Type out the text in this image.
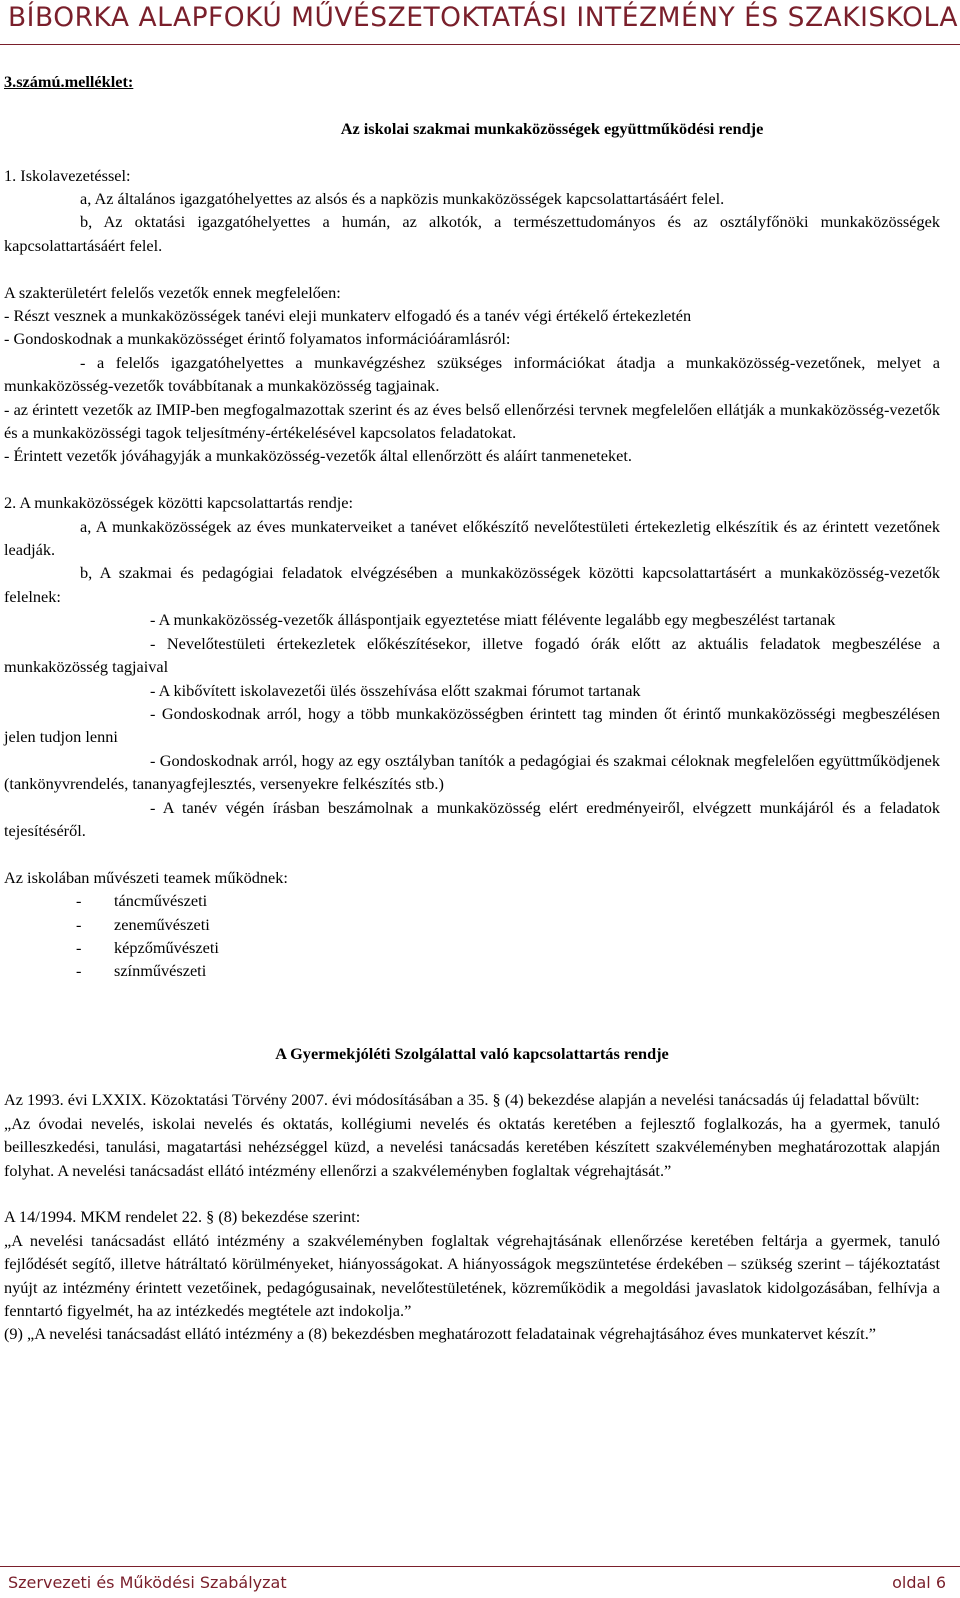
BÍBORKA ALAPFOKÚ MŰVÉSZETOKTATÁSI INTÉZMÉNY ÉS SZAKISKOLA

3.számú.melléklet:

Az iskolai szakmai munkaközösségek együttműködési rendje

1. Iskolavezetéssel:

a, Az általános igazgatóhelyettes az alsós és a napközis munkaközösségek kapcsolattartásáért felel.

b, Az oktatási igazgatóhelyettes a humán, az alkotók, a természettudományos és az osztályfőnöki munkaközösségek kapcsolattartásáért felel.

A szakterületért felelős vezetők ennek megfelelően:

- Részt vesznek a munkaközösségek tanévi eleji munkaterv elfogadó és a tanév végi értékelő értekezletén

- Gondoskodnak a munkaközösséget érintő folyamatos információáramlásról:

- a felelős igazgatóhelyettes a munkavégzéshez szükséges információkat átadja a munkaközösség-vezetőnek, melyet a munkaközösség-vezetők továbbítanak a munkaközösség tagjainak.

- az érintett vezetők az IMIP-ben megfogalmazottak szerint és az éves belső ellenőrzési tervnek megfelelően ellátják a munkaközösség-vezetők és a munkaközösségi tagok teljesítmény-értékelésével kapcsolatos feladatokat.

- Érintett vezetők jóváhagyják a munkaközösség-vezetők által ellenőrzött és aláírt tanmeneteket.

2. A munkaközösségek közötti kapcsolattartás rendje:

a, A munkaközösségek az éves munkaterveiket a tanévet előkészítő nevelőtestületi értekezletig elkészítik és az érintett vezetőnek leadják.

b, A szakmai és pedagógiai feladatok elvégzésében a munkaközösségek közötti kapcsolattartásért a munkaközösség-vezetők felelnek:

- A munkaközösség-vezetők álláspontjaik egyeztetése miatt félévente legalább egy megbeszélést tartanak

- Nevelőtestületi értekezletek előkészítésekor, illetve fogadó órák előtt az aktuális feladatok megbeszélése a munkaközösség tagjaival

- A kibővített iskolavezetői ülés összehívása előtt szakmai fórumot tartanak

- Gondoskodnak arról, hogy a több munkaközösségben érintett tag minden őt érintő munkaközösségi megbeszélésen jelen tudjon lenni

- Gondoskodnak arról, hogy az egy osztályban tanítók a pedagógiai és szakmai céloknak megfelelően együttműködjenek (tankönyvrendelés, tananyagfejlesztés, versenyekre felkészítés stb.)

- A tanév végén írásban beszámolnak a munkaközösség elért eredményeiről, elvégzett munkájáról és a feladatok tejesítéséről.

Az iskolában művészeti teamek működnek:

- táncművészeti
- zeneművészeti
- képzőművészeti
- színművészeti

A Gyermekjóléti Szolgálattal való kapcsolattartás rendje

Az 1993. évi LXXIX. Közoktatási Törvény 2007. évi módosításában a 35. § (4) bekezdése alapján a nevelési tanácsadás új feladattal bővült:

„Az óvodai nevelés, iskolai nevelés és oktatás, kollégiumi nevelés és oktatás keretében a fejlesztő foglalkozás, ha a gyermek, tanuló beilleszkedési, tanulási, magatartási nehézséggel küzd, a nevelési tanácsadás keretében készített szakvéleményben meghatározottak alapján folyhat. A nevelési tanácsadást ellátó intézmény ellenőrzi a szakvéleményben foglaltak végrehajtását.”

A 14/1994. MKM rendelet 22. § (8) bekezdése szerint:

„A nevelési tanácsadást ellátó intézmény a szakvéleményben foglaltak végrehajtásának ellenőrzése keretében feltárja a gyermek, tanuló fejlődését segítő, illetve hátráltató körülményeket, hiányosságokat. A hiányosságok megszüntetése érdekében – szükség szerint – tájékoztatást nyújt az intézmény érintett vezetőinek, pedagógusainak, nevelőtestületének, közreműködik a megoldási javaslatok kidolgozásában, felhívja a fenntartó figyelmét, ha az intézkedés megtétele azt indokolja.”

(9) „A nevelési tanácsadást ellátó intézmény a (8) bekezdésben meghatározott feladatainak végrehajtásához éves munkatervet készít.”

Szervezeti és Működési Szabályzat	oldal 6
